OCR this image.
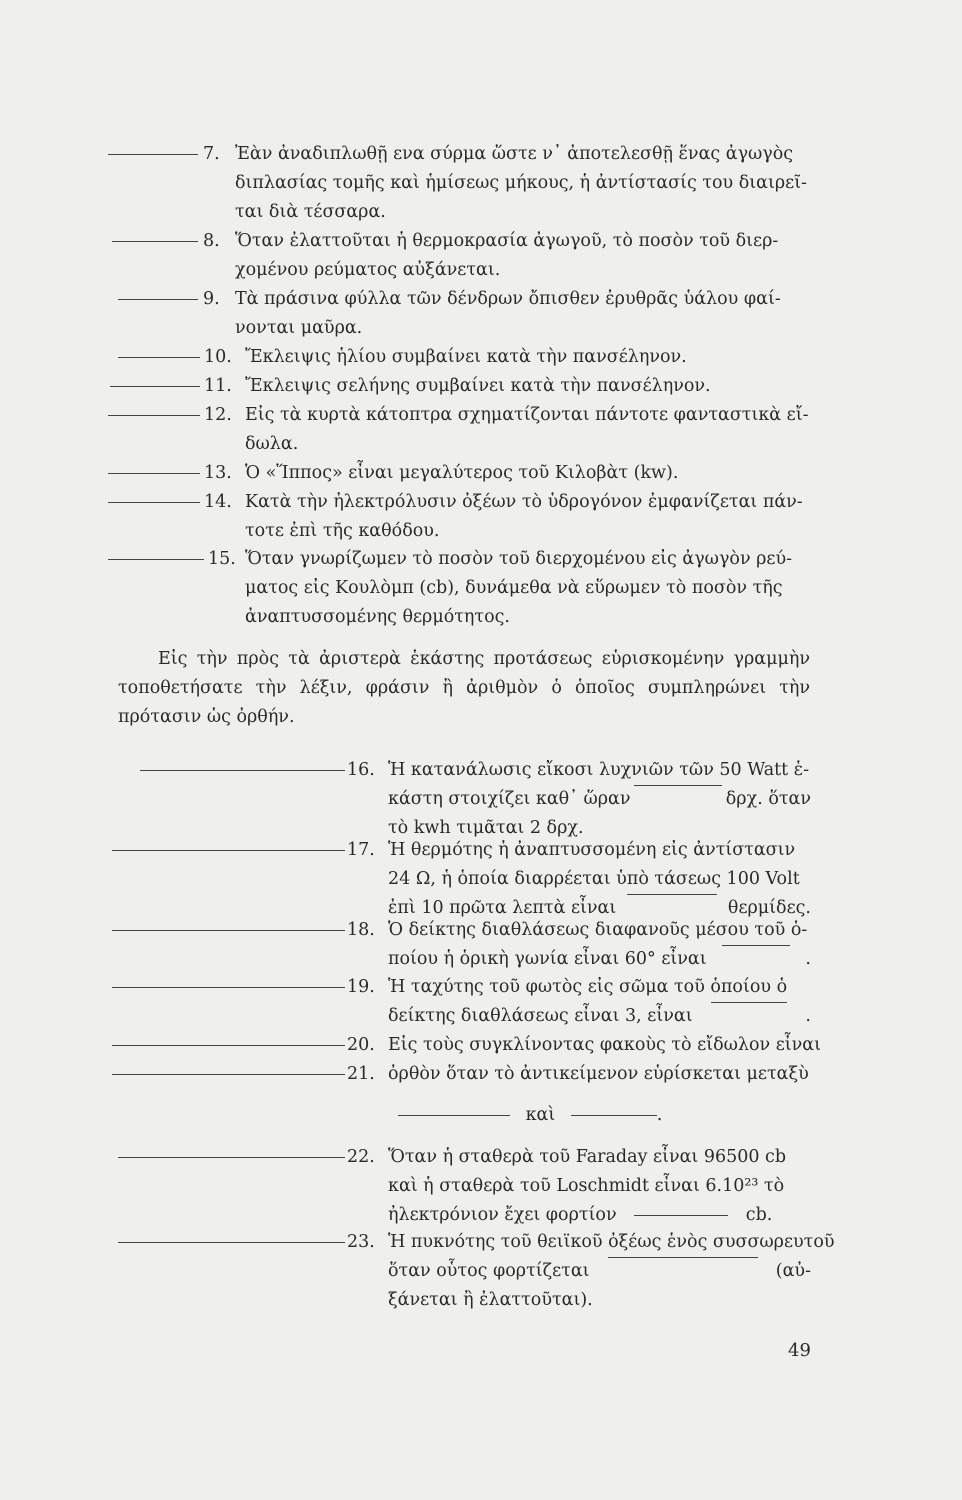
7. Ἐὰν ἀναδιπλωθῇ ενα σύρμα ὥστε ν᾽ ἀποτελεσθῇ ἕνας ἀγωγὸς
διπλασίας τομῆς καὶ ἡμίσεως μήκους, ἡ ἀντίστασίς του διαιρεῖ-
ται διὰ τέσσαρα.
8. Ὅταν ἐλαττοῦται ἡ θερμοκρασία ἀγωγοῦ, τὸ ποσὸν τοῦ διερ-
χομένου ρεύματος αὐξάνεται.
9. Τὰ πράσινα φύλλα τῶν δένδρων ὄπισθεν ἐρυθρᾶς ὑάλου φαί-
νονται μαῦρα.
10. Ἔκλειψις ἡλίου συμβαίνει κατὰ τὴν πανσέληνον.
11. Ἔκλειψις σελήνης συμβαίνει κατὰ τὴν πανσέληνον.
12. Εἰς τὰ κυρτὰ κάτοπτρα σχηματίζονται πάντοτε φανταστικὰ εἴ-
δωλα.
13. Ὁ «Ἵππος» εἶναι μεγαλύτερος τοῦ Κιλοβὰτ (kw).
14. Κατὰ τὴν ἠλεκτρόλυσιν ὀξέων τὸ ὑδρογόνον ἐμφανίζεται πάν-
τοτε ἐπὶ τῆς καθόδου.
15. Ὅταν γνωρίζωμεν τὸ ποσὸν τοῦ διερχομένου εἰς ἀγωγὸν ρεύ-
ματος εἰς Κουλὸμπ (cb), δυνάμεθα νὰ εὕρωμεν τὸ ποσὸν τῆς
ἀναπτυσσομένης θερμότητος.
Εἰς τὴν πρὸς τὰ ἀριστερὰ ἑκάστης προτάσεως εὑρισκομένην γραμμὴν τοποθετήσατε τὴν λέξιν, φράσιν ἢ ἀριθμὸν ὁ ὁποῖος συμπληρώνει τὴν πρότασιν ὡς ὀρθήν.
16. Ἡ κατανάλωσις εἴκοσι λυχνιῶν τῶν 50 Watt ἑ-
κάστη στοιχίζει καθ᾽ ὥραν	δρχ. ὅταν
τὸ kwh τιμᾶται 2 δρχ.
17. Ἡ θερμότης ἡ ἀναπτυσσομένη εἰς ἀντίστασιν
24 Ω, ἡ ὁποία διαρρέεται ὑπὸ τάσεως 100 Volt
ἐπὶ 10 πρῶτα λεπτὰ εἶναι	θερμίδες.
18. Ὁ δείκτης διαθλάσεως διαφανοῦς μέσου τοῦ ὁ-
ποίου ἡ ὁρικὴ γωνία εἶναι 60° εἶναι	.
19. Ἡ ταχύτης τοῦ φωτὸς εἰς σῶμα τοῦ ὁποίου ὁ
δείκτης διαθλάσεως εἶναι 3, εἶναι	.
20. Εἰς τοὺς συγκλίνοντας φακοὺς τὸ εἴδωλον εἶναι
21. ὀρθὸν ὅταν τὸ ἀντικείμενον εὑρίσκεται μεταξὺ
καὶ	.
22. Ὅταν ἡ σταθερὰ τοῦ Faraday εἶναι 96500 cb
καὶ ἡ σταθερὰ τοῦ Loschmidt εἶναι 6.10²³ τὸ
ἠλεκτρόνιον ἔχει φορτίον	cb.
23. Ἡ πυκνότης τοῦ θειϊκοῦ ὀξέως ἑνὸς συσσωρευτοῦ
ὅταν οὗτος φορτίζεται	(αὐ-
ξάνεται ἢ ἐλαττοῦται).
49
